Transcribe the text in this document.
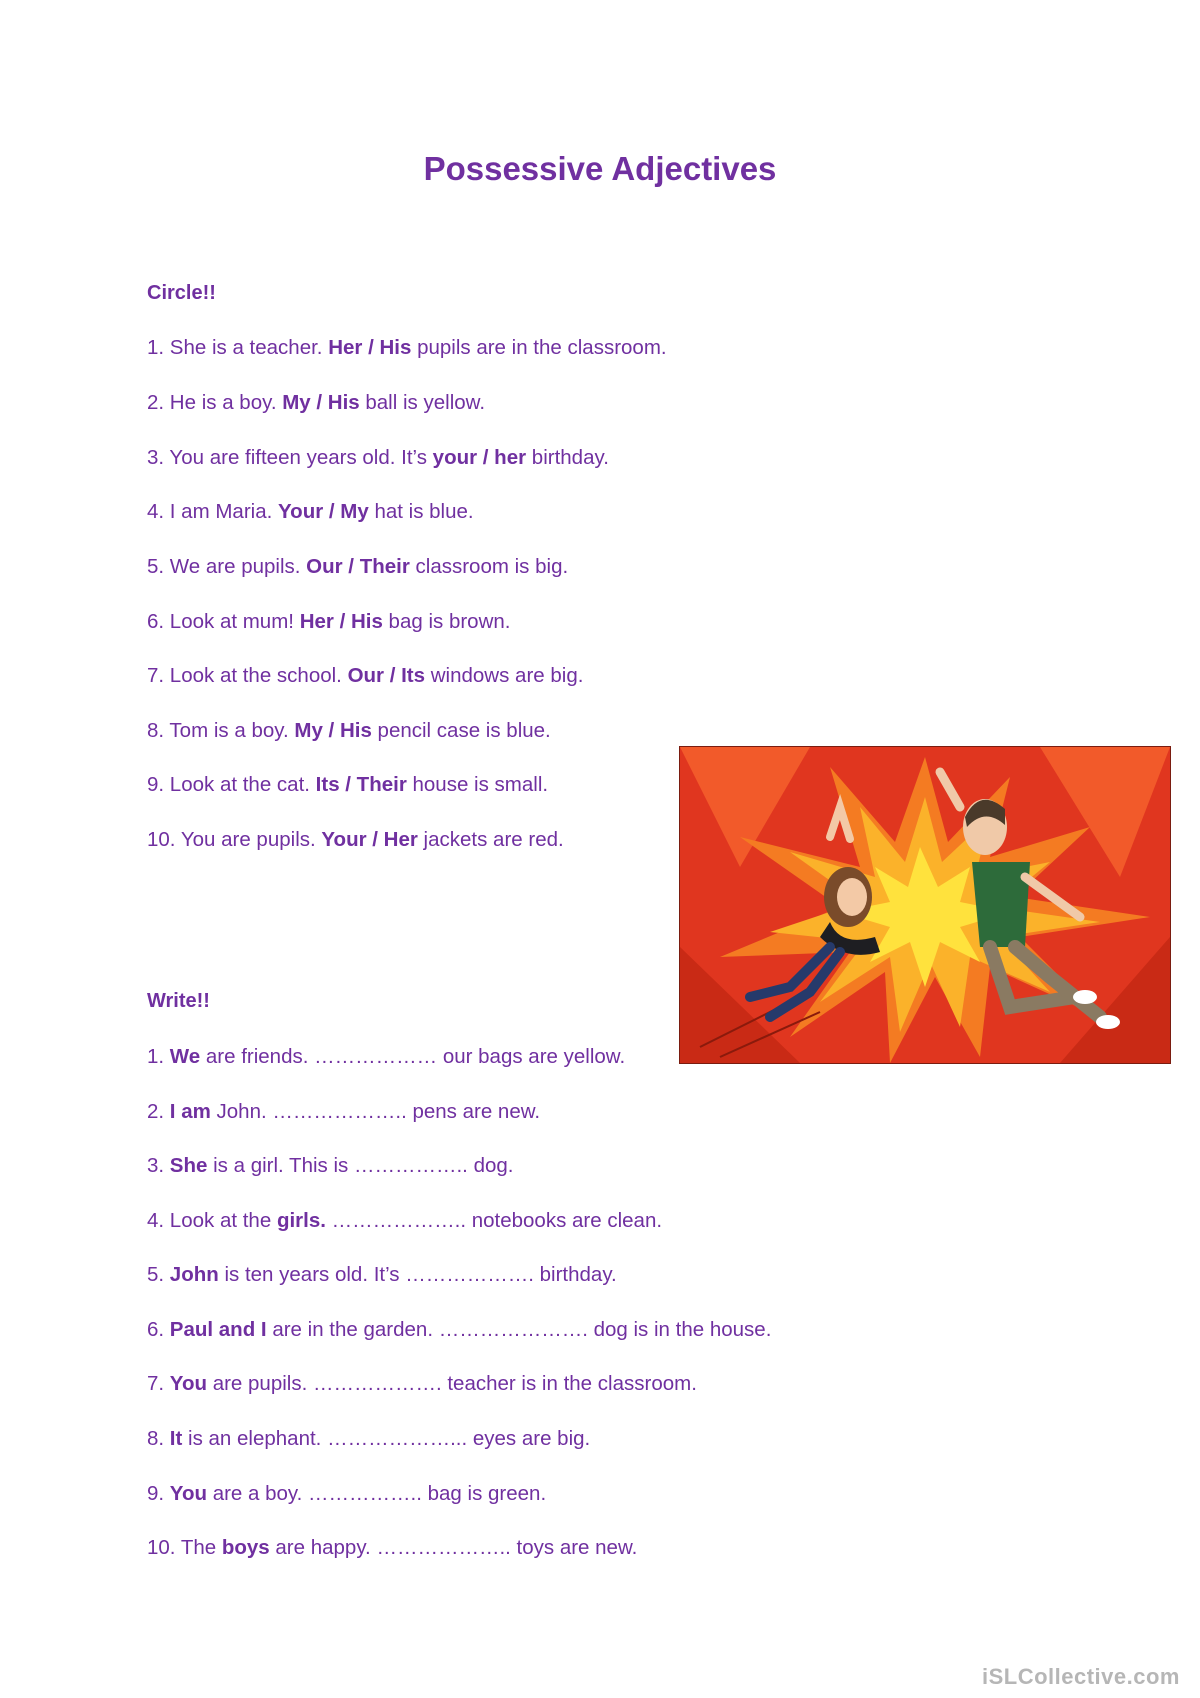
Possessive Adjectives
Circle!!
1. She is a teacher. Her / His pupils are in the classroom.
2. He is a boy. My / His ball is yellow.
3. You are fifteen years old. It’s your / her birthday.
4. I am Maria. Your / My hat is blue.
5. We are pupils. Our / Their classroom is big.
6. Look at mum! Her / His bag is brown.
7. Look at the school. Our / Its windows are big.
8. Tom is a boy. My / His pencil case is blue.
9. Look at the cat. Its / Their house is small.
10. You are pupils. Your / Her jackets are red.
Write!!
1. We are friends. ……………… our bags are yellow.
2. I am John. ……………….. pens are new.
3. She is a girl. This is …………….. dog.
4. Look at the girls. ……………….. notebooks are clean.
5. John is ten years old. It’s ………………. birthday.
6. Paul and I are in the garden. …………………. dog is in the house.
7. You are pupils. ………………. teacher is in the classroom.
8. It is an elephant. ………………... eyes are big.
9. You are a boy. …………….. bag is green.
10. The boys are happy. ……………….. toys are new.
iSLCollective.com
